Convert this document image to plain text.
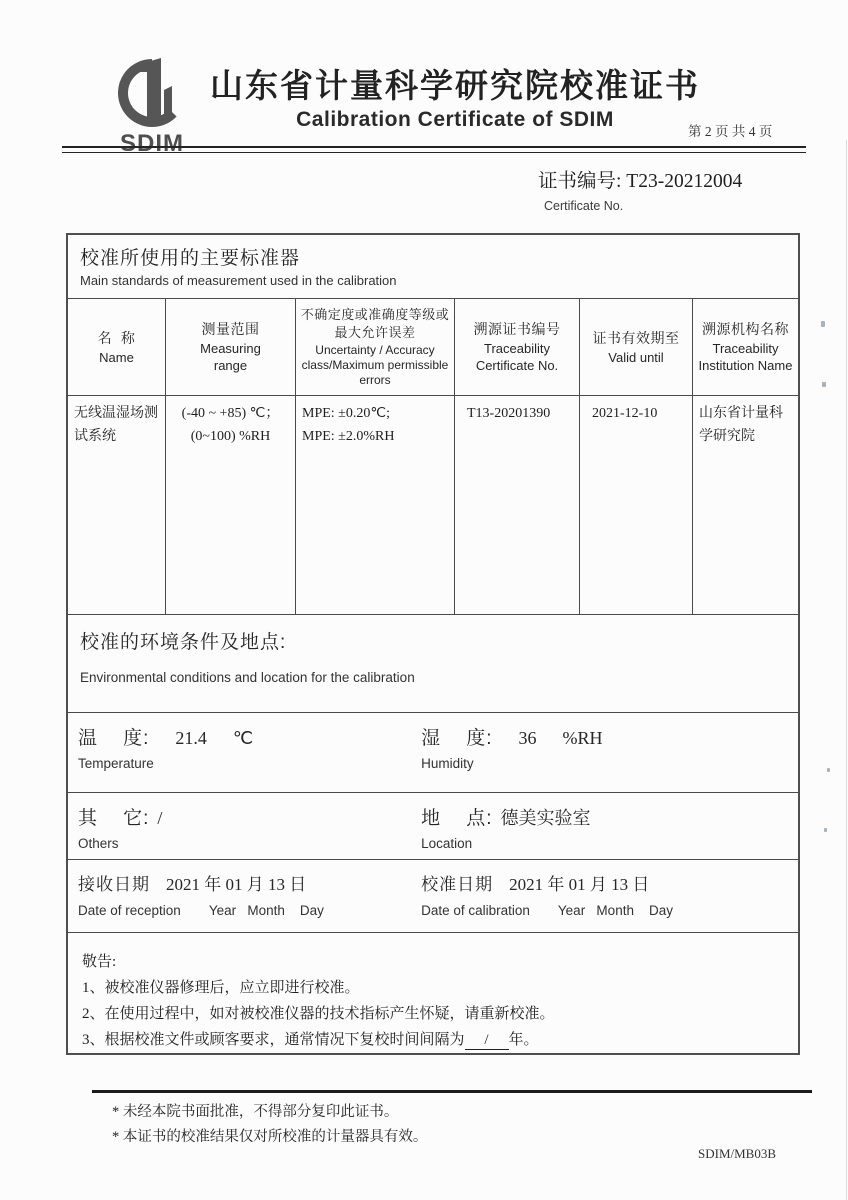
SDIM
山东省计量科学研究院校准证书
Calibration Certificate of SDIM
第 2 页 共 4 页
证书编号: T23-20212004
Certificate No.
校准所使用的主要标准器
Main standards of measurement used in the calibration
名  称
Name
测量范围
Measuring range
不确定度或准确度等级或最大允许误差
Uncertainty / Accuracy class/Maximum permissible errors
溯源证书编号
Traceability Certificate No.
证书有效期至
Valid until
溯源机构名称
Traceability Institution Name
无线温湿场测试系统
(-40 ~ +85) ℃；
(0~100) %RH
MPE: ±0.20℃;
MPE: ±2.0%RH
T13-20201390	2021-12-10	山东省计量科学研究院
校准的环境条件及地点:
Environmental conditions and location for the calibration
温    度: 21.4 ℃
Temperature
湿    度: 36 %RH
Humidity
其    它: /
Others
地    点: 德美实验室
Location
接收日期 2021 年 01 月 13 日
Date of reception Year   Month    Day
校准日期 2021 年 01 月 13 日
Date of calibration Year   Month    Day
敬告:
1、被校准仪器修理后，应立即进行校准。
2、在使用过程中，如对被校准仪器的技术指标产生怀疑，请重新校准。
3、根据校准文件或顾客要求，通常情况下复校时间间隔为 / 年。
* 未经本院书面批准，不得部分复印此证书。
* 本证书的校准结果仅对所校准的计量器具有效。
SDIM/MB03B
